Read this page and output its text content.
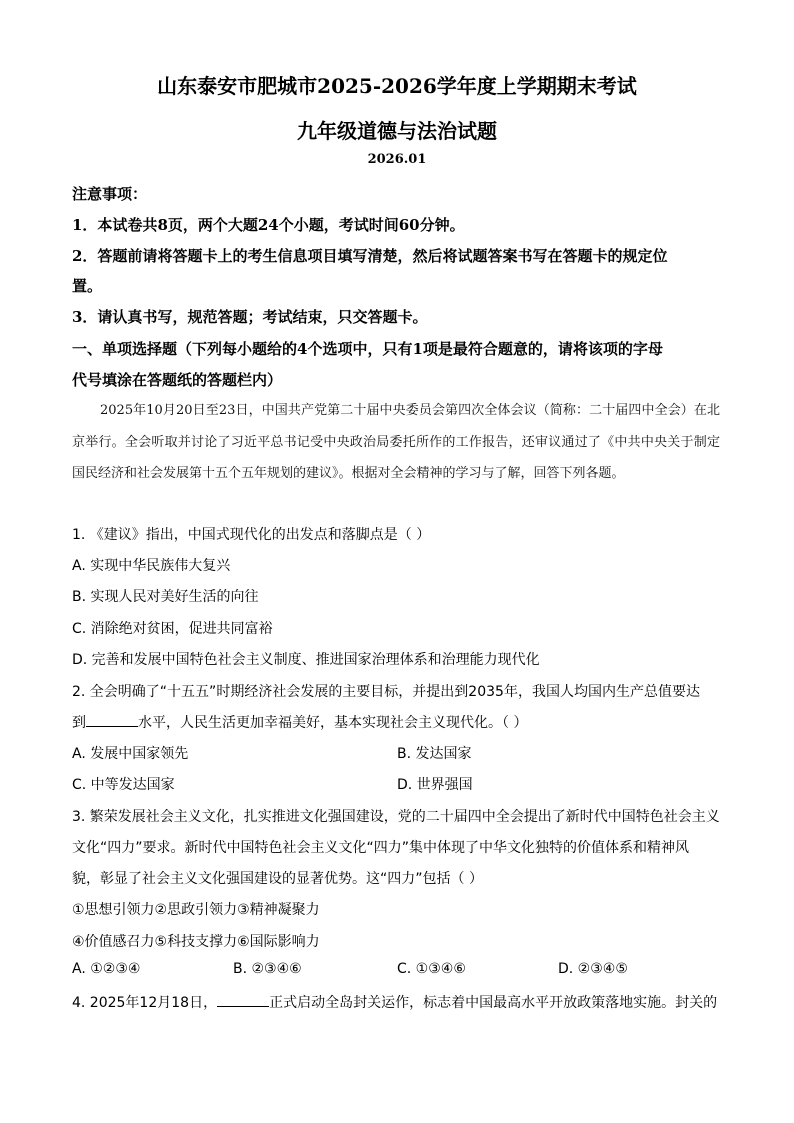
山东泰安市肥城市2025-2026学年度上学期期末考试
九年级道德与法治试题
2026.01
注意事项：
1．本试卷共8页，两个大题24个小题，考试时间60分钟。
2．答题前请将答题卡上的考生信息项目填写清楚，然后将试题答案书写在答题卡的规定位
置。
3．请认真书写，规范答题；考试结束，只交答题卡。
一、单项选择题（下列每小题给的4个选项中，只有1项是最符合题意的，请将该项的字母
代号填涂在答题纸的答题栏内）
2025年10月20日至23日，中国共产党第二十届中央委员会第四次全体会议（简称：二十届四中全会）在北京举行。全会听取并讨论了习近平总书记受中央政治局委托所作的工作报告，还审议通过了《中共中央关于制定国民经济和社会发展第十五个五年规划的建议》。根据对全会精神的学习与了解，回答下列各题。
1. 《建议》指出，中国式现代化的出发点和落脚点是（ ）
A. 实现中华民族伟大复兴
B. 实现人民对美好生活的向往
C. 消除绝对贫困，促进共同富裕
D. 完善和发展中国特色社会主义制度、推进国家治理体系和治理能力现代化
2. 全会明确了“十五五”时期经济社会发展的主要目标，并提出到2035年，我国人均国内生产总值要达
到	水平，人民生活更加幸福美好，基本实现社会主义现代化。（ ）
A. 发展中国家领先	B. 发达国家
C. 中等发达国家	D. 世界强国
3. 繁荣发展社会主义文化，扎实推进文化强国建设，党的二十届四中全会提出了新时代中国特色社会主义
文化“四力”要求。新时代中国特色社会主义文化“四力”集中体现了中华文化独特的价值体系和精神风
貌，彰显了社会主义文化强国建设的显著优势。这“四力”包括（ ）
①思想引领力②思政引领力③精神凝聚力
④价值感召力⑤科技支撑力⑥国际影响力
A. ①②③④	B. ②③④⑥	C. ①③④⑥	D. ②③④⑤
4. 2025年12月18日，	正式启动全岛封关运作，标志着中国最高水平开放政策落地实施。封关的
